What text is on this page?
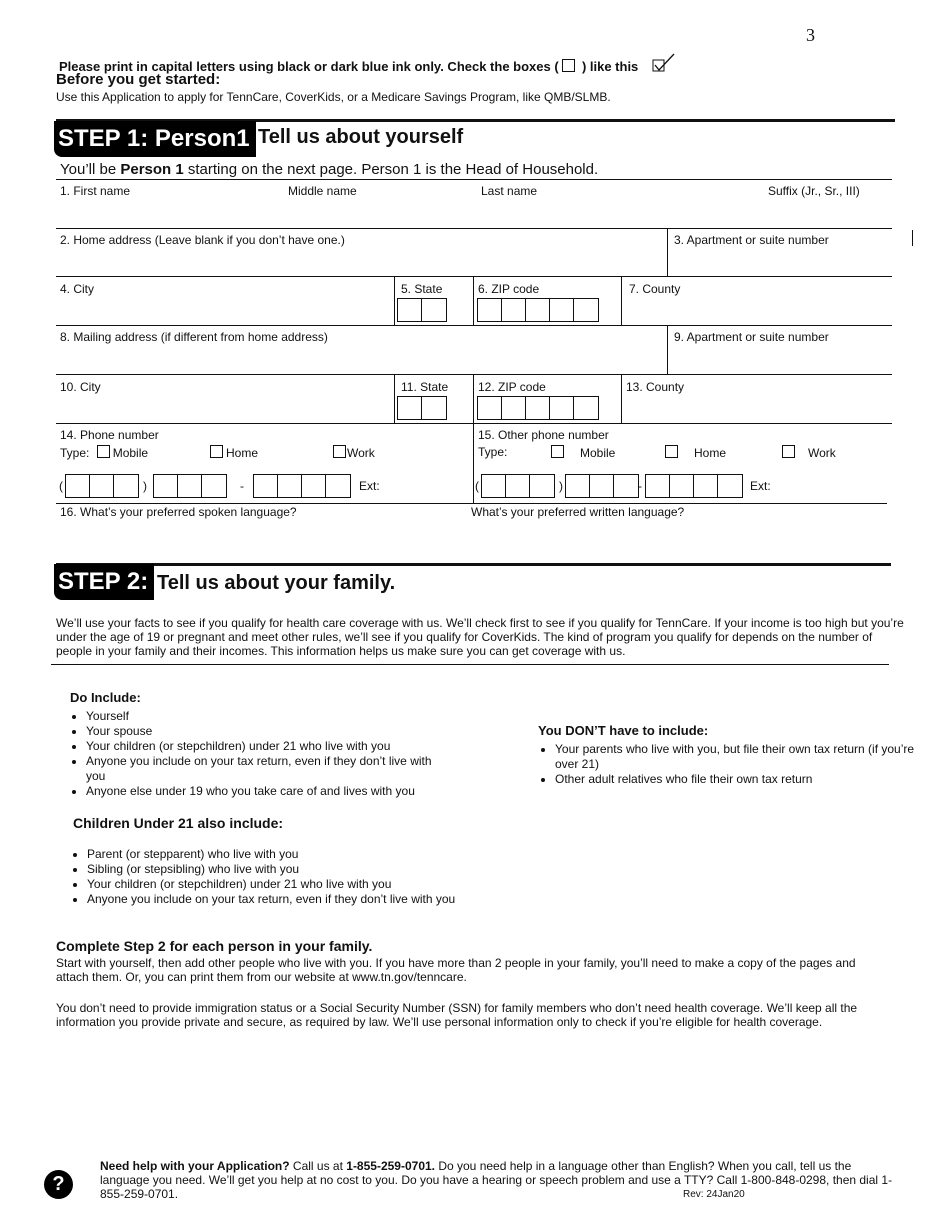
3
Please print in capital letters using black or dark blue ink only. Check the boxes ( ) like this
Before you get started:
Use this Application to apply for TennCare, CoverKids, or a Medicare Savings Program, like QMB/SLMB.
STEP 1: Person1 Tell us about yourself
You’ll be Person 1 starting on the next page. Person 1 is the Head of Household.
1. First name	Middle name	Last name	Suffix (Jr., Sr., III)
2. Home address (Leave blank if you don’t have one.)	3. Apartment or suite number
4. City	5. State	6. ZIP code	7. County
8. Mailing address (if different from home address)	9. Apartment or suite number
10. City	11. State 12. ZIP code	13. County
14. Phone number
Type: Mobile	Home	Work
(	)	-	Ext:
15. Other phone number
Type:	Mobile	Home	Work
(	)	-	Ext:
16. What’s your preferred spoken language?	What’s your preferred written language?
STEP 2: Tell us about your family.
We’ll use your facts to see if you qualify for health care coverage with us. We’ll check first to see if you qualify for TennCare. If your income is too high but you’re under the age of 19 or pregnant and meet other rules, we’ll see if you qualify for CoverKids. The kind of program you qualify for depends on the number of people in your family and their incomes. This information helps us make sure you can get coverage with us.
Do Include:
• Yourself
• Your spouse
• Your children (or stepchildren) under 21 who live with you
• Anyone you include on your tax return, even if they don’t live with you
• Anyone else under 19 who you take care of and lives with you
You DON’T have to include:
• Your parents who live with you, but file their own tax return (if you’re over 21)
• Other adult relatives who file their own tax return
Children Under 21 also include:
• Parent (or stepparent) who live with you
• Sibling (or stepsibling) who live with you
• Your children (or stepchildren) under 21 who live with you
• Anyone you include on your tax return, even if they don’t live with you
Complete Step 2 for each person in your family.
Start with yourself, then add other people who live with you. If you have more than 2 people in your family, you’ll need to make a copy of the pages and attach them. Or, you can print them from our website at www.tn.gov/tenncare.
You don’t need to provide immigration status or a Social Security Number (SSN) for family members who don’t need health coverage. We’ll keep all the information you provide private and secure, as required by law. We’ll use personal information only to check if you’re eligible for health coverage.
?
Need help with your Application? Call us at 1-855-259-0701. Do you need help in a language other than English? When you call, tell us the language you need. We’ll get you help at no cost to you. Do you have a hearing or speech problem and use a TTY? Call 1-800-848-0298, then dial 1-855-259-0701.	Rev: 24Jan20
